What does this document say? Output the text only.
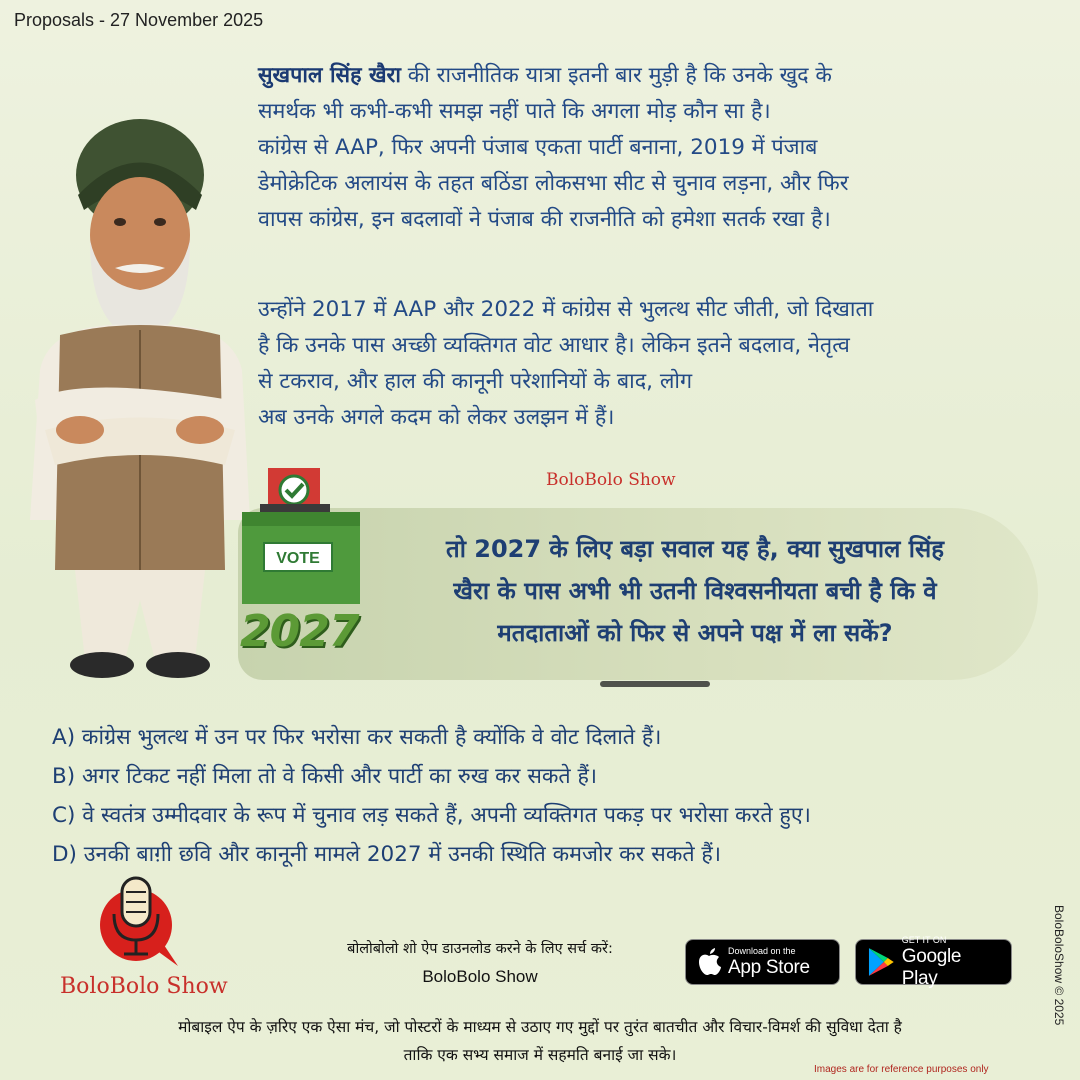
Proposals - 27 November 2025
सुखपाल सिंह खैरा की राजनीतिक यात्रा इतनी बार मुड़ी है कि उनके खुद के
समर्थक भी कभी-कभी समझ नहीं पाते कि अगला मोड़ कौन सा है।
कांग्रेस से AAP, फिर अपनी पंजाब एकता पार्टी बनाना, 2019 में पंजाब
डेमोक्रेटिक अलायंस के तहत बठिंडा लोकसभा सीट से चुनाव लड़ना, और फिर
वापस कांग्रेस, इन बदलावों ने पंजाब की राजनीति को हमेशा सतर्क रखा है।
उन्होंने 2017 में AAP और 2022 में कांग्रेस से भुलत्थ सीट जीती, जो दिखाता
है कि उनके पास अच्छी व्यक्तिगत वोट आधार है। लेकिन इतने बदलाव, नेतृत्व
से टकराव, और हाल की कानूनी परेशानियों के बाद, लोग
अब उनके अगले कदम को लेकर उलझन में हैं।
BoloBolo Show
VOTE
2027
तो 2027 के लिए बड़ा सवाल यह है, क्या सुखपाल सिंह
खैरा के पास अभी भी उतनी विश्वसनीयता बची है कि वे
मतदाताओं को फिर से अपने पक्ष में ला सकें?
A) कांग्रेस भुलत्थ में उन पर फिर भरोसा कर सकती है क्योंकि वे वोट दिलाते हैं।
B) अगर टिकट नहीं मिला तो वे किसी और पार्टी का रुख कर सकते हैं।
C) वे स्वतंत्र उम्मीदवार के रूप में चुनाव लड़ सकते हैं, अपनी व्यक्तिगत पकड़ पर भरोसा करते हुए।
D) उनकी बाग़ी छवि और कानूनी मामले 2027 में उनकी स्थिति कमजोर कर सकते हैं।
BoloBolo Show
बोलोबोलो शो ऐप डाउनलोड करने के लिए सर्च करें:
BoloBolo Show
Download on the
App Store
GET IT ON
Google Play
मोबाइल ऐप के ज़रिए एक ऐसा मंच, जो पोस्टरों के माध्यम से उठाए गए मुद्दों पर तुरंत बातचीत और विचार-विमर्श की सुविधा देता है
ताकि एक सभ्य समाज में सहमति बनाई जा सके।
BoloBoloShow © 2025
Images are for reference purposes only
